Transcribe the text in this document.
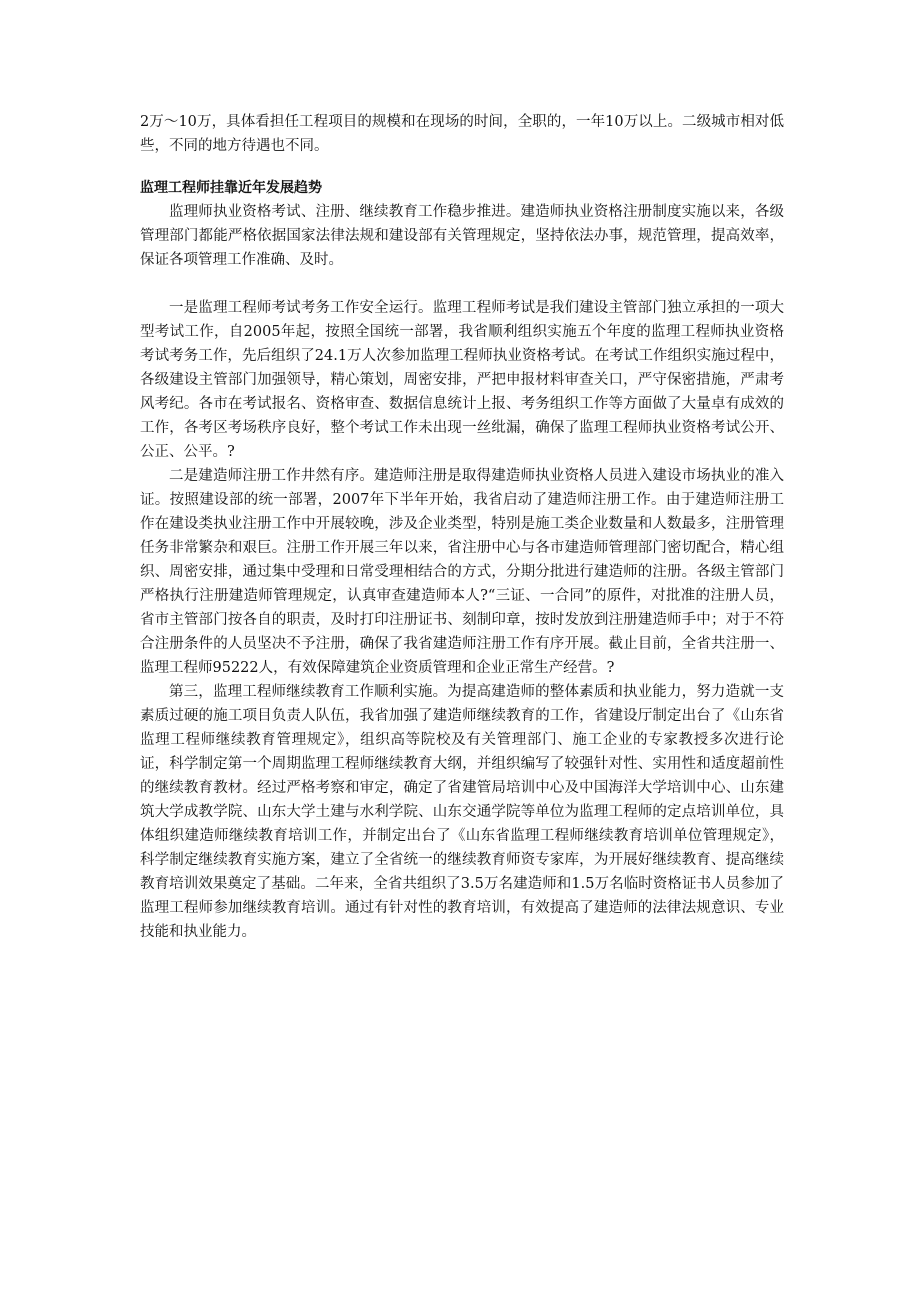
2万～10万，具体看担任工程项目的规模和在现场的时间，全职的，一年10万以上。二级城市相对低些，不同的地方待遇也不同。

监理工程师挂靠近年发展趋势

监理师执业资格考试、注册、继续教育工作稳步推进。建造师执业资格注册制度实施以来，各级管理部门都能严格依据国家法律法规和建设部有关管理规定，坚持依法办事，规范管理，提高效率，保证各项管理工作准确、及时。

一是监理工程师考试考务工作安全运行。监理工程师考试是我们建设主管部门独立承担的一项大型考试工作，自2005年起，按照全国统一部署，我省顺利组织实施五个年度的监理工程师执业资格考试考务工作，先后组织了24.1万人次参加监理工程师执业资格考试。在考试工作组织实施过程中，各级建设主管部门加强领导，精心策划，周密安排，严把申报材料审查关口，严守保密措施，严肃考风考纪。各市在考试报名、资格审查、数据信息统计上报、考务组织工作等方面做了大量卓有成效的工作，各考区考场秩序良好，整个考试工作未出现一丝纰漏，确保了监理工程师执业资格考试公开、公正、公平。?

二是建造师注册工作井然有序。建造师注册是取得建造师执业资格人员进入建设市场执业的准入证。按照建设部的统一部署，2007年下半年开始，我省启动了建造师注册工作。由于建造师注册工作在建设类执业注册工作中开展较晚，涉及企业类型，特别是施工类企业数量和人数最多，注册管理任务非常繁杂和艰巨。注册工作开展三年以来，省注册中心与各市建造师管理部门密切配合，精心组织、周密安排，通过集中受理和日常受理相结合的方式，分期分批进行建造师的注册。各级主管部门严格执行注册建造师管理规定，认真审查建造师本人?“三证、一合同”的原件，对批准的注册人员，省市主管部门按各自的职责，及时打印注册证书、刻制印章，按时发放到注册建造师手中；对于不符合注册条件的人员坚决不予注册，确保了我省建造师注册工作有序开展。截止目前，全省共注册一、监理工程师95222人，有效保障建筑企业资质管理和企业正常生产经营。?

第三，监理工程师继续教育工作顺利实施。为提高建造师的整体素质和执业能力，努力造就一支素质过硬的施工项目负责人队伍，我省加强了建造师继续教育的工作，省建设厅制定出台了《山东省监理工程师继续教育管理规定》，组织高等院校及有关管理部门、施工企业的专家教授多次进行论证，科学制定第一个周期监理工程师继续教育大纲，并组织编写了较强针对性、实用性和适度超前性的继续教育教材。经过严格考察和审定，确定了省建管局培训中心及中国海洋大学培训中心、山东建筑大学成教学院、山东大学土建与水利学院、山东交通学院等单位为监理工程师的定点培训单位，具体组织建造师继续教育培训工作，并制定出台了《山东省监理工程师继续教育培训单位管理规定》，科学制定继续教育实施方案，建立了全省统一的继续教育师资专家库，为开展好继续教育、提高继续教育培训效果奠定了基础。二年来，全省共组织了3.5万名建造师和1.5万名临时资格证书人员参加了监理工程师参加继续教育培训。通过有针对性的教育培训，有效提高了建造师的法律法规意识、专业技能和执业能力。
